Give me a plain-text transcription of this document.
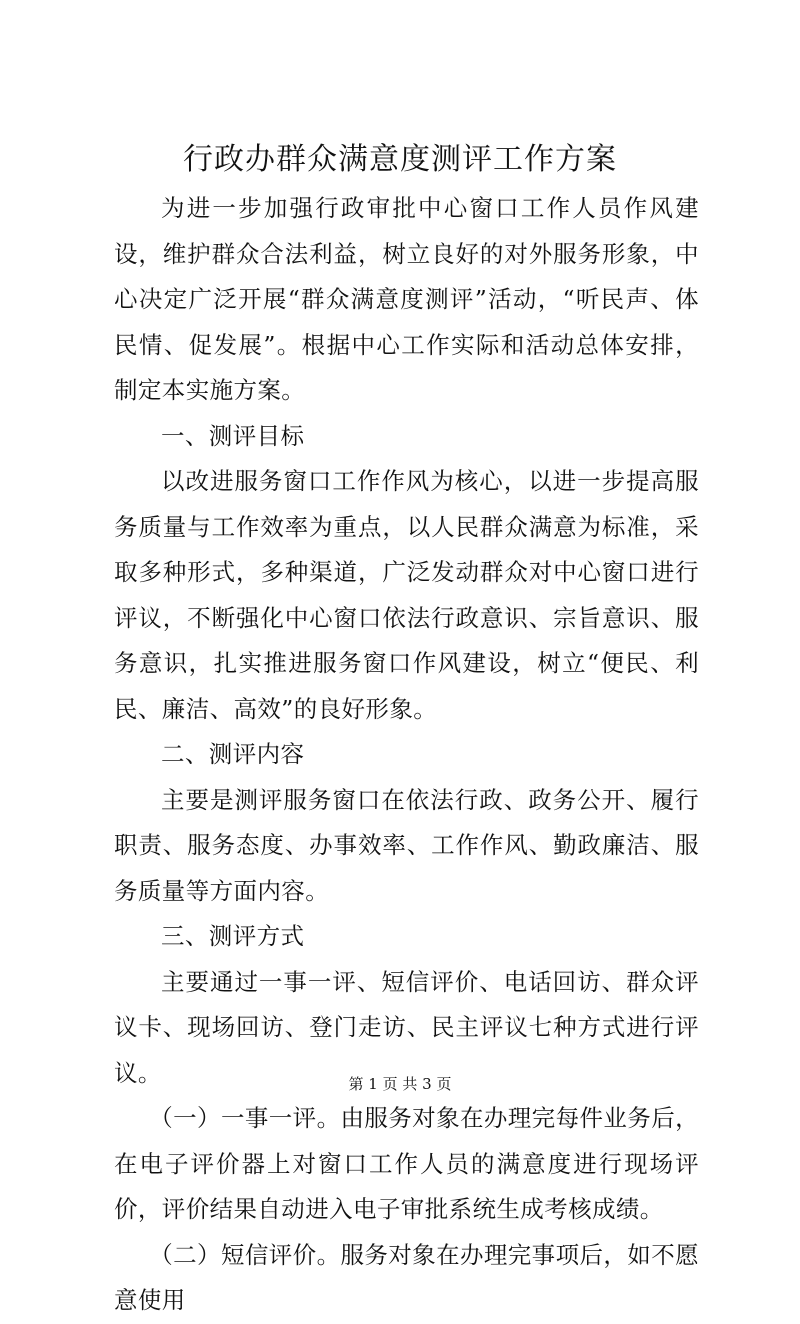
行政办群众满意度测评工作方案

为进一步加强行政审批中心窗口工作人员作风建设，维护群众合法利益，树立良好的对外服务形象，中心决定广泛开展“群众满意度测评”活动，“听民声、体民情、促发展”。根据中心工作实际和活动总体安排，制定本实施方案。

一、测评目标

以改进服务窗口工作作风为核心，以进一步提高服务质量与工作效率为重点，以人民群众满意为标准，采取多种形式，多种渠道，广泛发动群众对中心窗口进行评议，不断强化中心窗口依法行政意识、宗旨意识、服务意识，扎实推进服务窗口作风建设，树立“便民、利民、廉洁、高效”的良好形象。

二、测评内容

主要是测评服务窗口在依法行政、政务公开、履行职责、服务态度、办事效率、工作作风、勤政廉洁、服务质量等方面内容。

三、测评方式

主要通过一事一评、短信评价、电话回访、群众评议卡、现场回访、登门走访、民主评议七种方式进行评议。

（一）一事一评。由服务对象在办理完每件业务后，在电子评价器上对窗口工作人员的满意度进行现场评价，评价结果自动进入电子审批系统生成考核成绩。

（二）短信评价。服务对象在办理完事项后，如不愿意使用

第 1 页 共 3 页
